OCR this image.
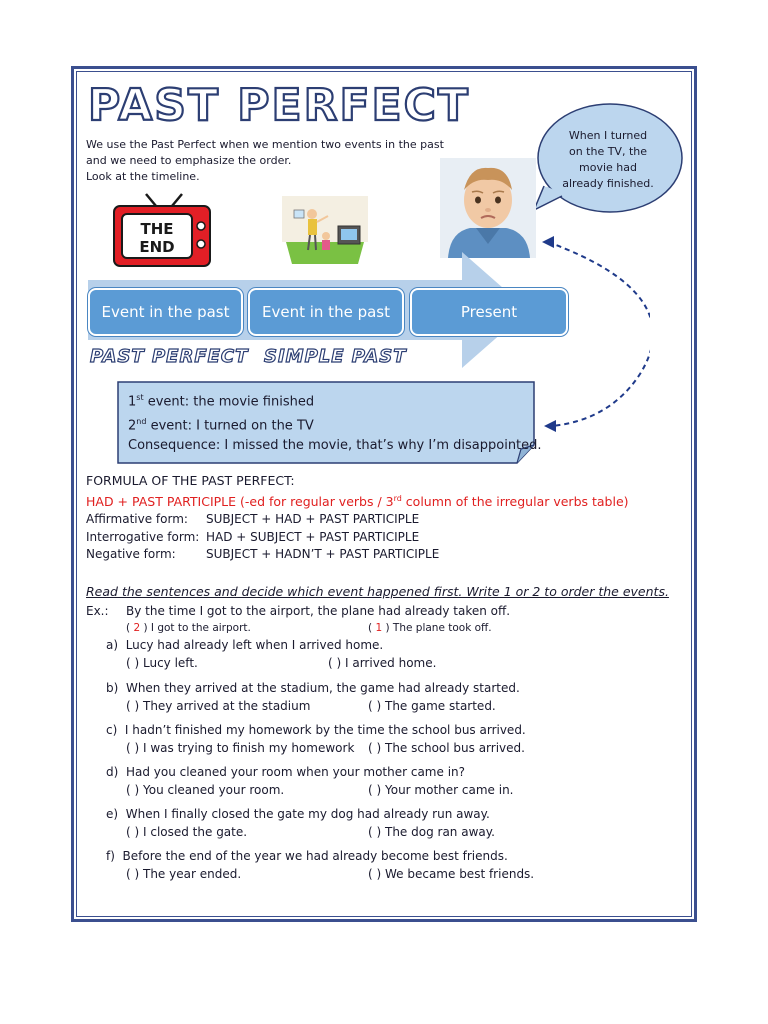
PAST PERFECT
We use the Past Perfect when we mention two events in the past
and we need to emphasize the order.
Look at the timeline.
When I turned
on the TV, the
movie had
already finished.
THE
END
Event in the past Event in the past	Present
PAST PERFECT SIMPLE PAST
1st event: the movie finished
2nd event: I turned on the TV
Consequence: I missed the movie, that’s why I’m disappointed.
FORMULA OF THE PAST PERFECT:
HAD + PAST PARTICIPLE (-ed for regular verbs / 3rd column of the irregular verbs table)
Affirmative form:	SUBJECT + HAD + PAST PARTICIPLE
Interrogative form: HAD + SUBJECT + PAST PARTICIPLE
Negative form:	SUBJECT + HADN’T + PAST PARTICIPLE
Read the sentences and decide which event happened first. Write 1 or 2 to order the events.
Ex.: By the time I got to the airport, the plane had already taken off.
( 2 ) I got to the airport.	( 1 ) The plane took off.
a) Lucy had already left when I arrived home.
( ) Lucy left.	( ) I arrived home.
b) When they arrived at the stadium, the game had already started.
( ) They arrived at the stadium	( ) The game started.
c) I hadn’t finished my homework by the time the school bus arrived.
( ) I was trying to finish my homework ( ) The school bus arrived.
d) Had you cleaned your room when your mother came in?
( ) You cleaned your room.	( ) Your mother came in.
e) When I finally closed the gate my dog had already run away.
( ) I closed the gate.	( ) The dog ran away.
f) Before the end of the year we had already become best friends.
( ) The year ended.	( ) We became best friends.
